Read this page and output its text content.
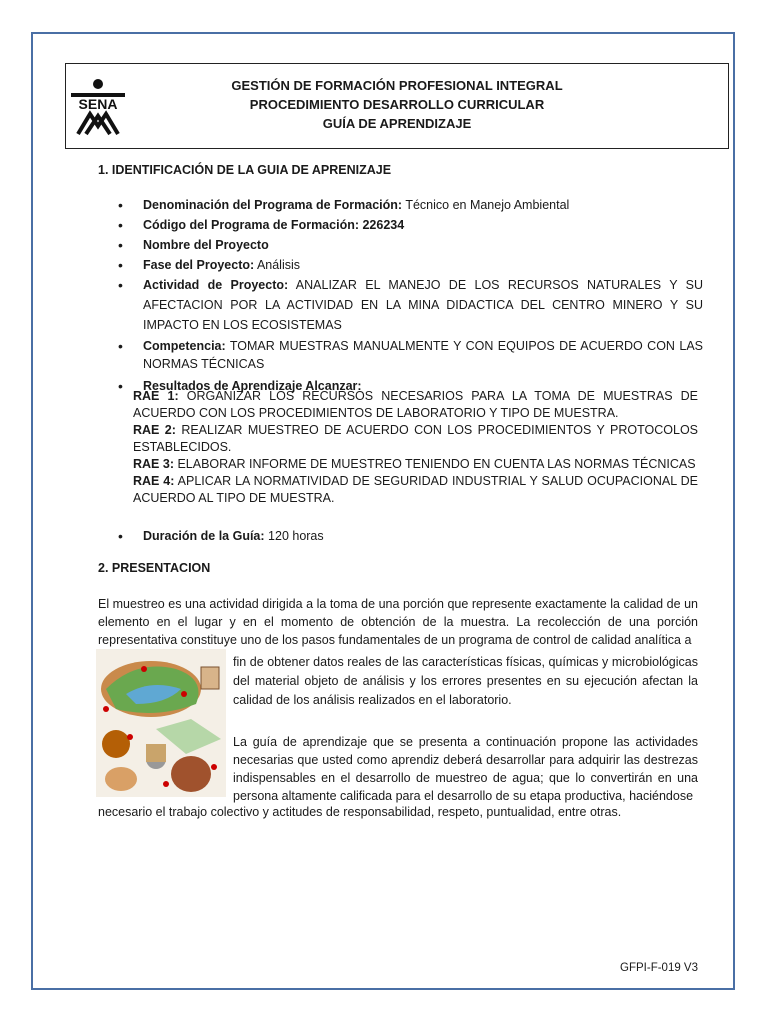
SENA
GESTIÓN DE FORMACIÓN PROFESIONAL INTEGRAL
PROCEDIMIENTO DESARROLLO CURRICULAR
GUÍA DE APRENDIZAJE
1. IDENTIFICACIÓN DE LA GUIA DE APRENIZAJE
• Denominación del Programa de Formación: Técnico en Manejo Ambiental
• Código del Programa de Formación: 226234
• Nombre del Proyecto
• Fase del Proyecto: Análisis
• Actividad de Proyecto: ANALIZAR EL MANEJO DE LOS RECURSOS NATURALES Y SU AFECTACION POR LA ACTIVIDAD EN LA MINA DIDACTICA DEL CENTRO MINERO Y SU IMPACTO EN LOS ECOSISTEMAS
• Competencia: TOMAR MUESTRAS MANUALMENTE Y CON EQUIPOS DE ACUERDO CON LAS NORMAS TÉCNICAS
• Resultados de Aprendizaje Alcanzar:
RAE 1: ORGANIZAR LOS RECURSOS NECESARIOS PARA LA TOMA DE MUESTRAS DE ACUERDO CON LOS PROCEDIMIENTOS DE LABORATORIO Y TIPO DE MUESTRA.
RAE 2: REALIZAR MUESTREO DE ACUERDO CON LOS PROCEDIMIENTOS Y PROTOCOLOS ESTABLECIDOS.
RAE 3: ELABORAR INFORME DE MUESTREO TENIENDO EN CUENTA LAS NORMAS TÉCNICAS
RAE 4: APLICAR LA NORMATIVIDAD DE SEGURIDAD INDUSTRIAL Y SALUD OCUPACIONAL DE ACUERDO AL TIPO DE MUESTRA.
• Duración de la Guía: 120 horas
2. PRESENTACION
El muestreo es una actividad dirigida a la toma de una porción que represente exactamente la calidad de un elemento en el lugar y en el momento de obtención de la muestra. La recolección de una porción representativa constituye uno de los pasos fundamentales de un programa de control de calidad analítica a
fin de obtener datos reales de las características físicas, químicas y microbiológicas del material objeto de análisis y los errores presentes en su ejecución afectan la calidad de los análisis realizados en el laboratorio.
La guía de aprendizaje que se presenta a continuación propone las actividades necesarias que usted como aprendiz deberá desarrollar para adquirir las destrezas indispensables en el desarrollo de muestreo de agua; que lo convertirán en una persona altamente calificada para el desarrollo de su etapa productiva, haciéndose
necesario el trabajo colectivo y actitudes de responsabilidad, respeto, puntualidad, entre otras.
GFPI-F-019 V3
